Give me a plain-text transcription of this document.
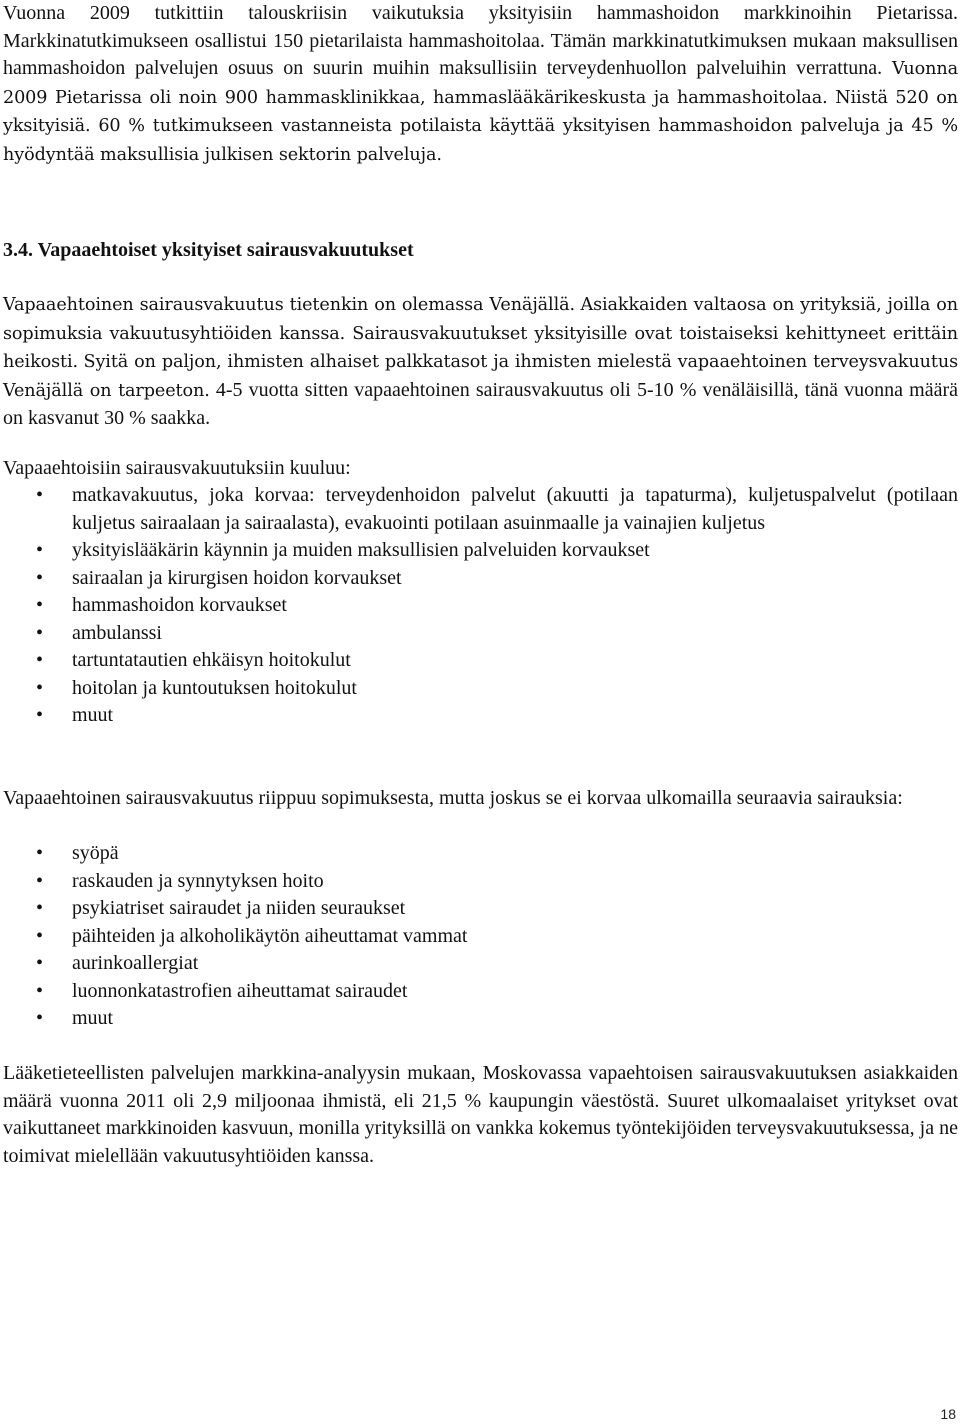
Vuonna 2009 tutkittiin talouskriisin vaikutuksia yksityisiin hammashoidon markkinoihin Pietarissa. Markkinatutkimukseen osallistui 150 pietarilaista hammashoitolaa. Tämän markkinatutkimuksen mukaan maksullisen hammashoidon palvelujen osuus on suurin muihin maksullisiin terveydenhuollon palveluihin verrattuna. Vuonna 2009 Pietarissa oli noin 900 hammasklinikkaa, hammaslääkärikeskusta ja hammashoitolaa. Niistä 520 on yksityisiä. 60 % tutkimukseen vastanneista potilaista käyttää yksityisen hammashoidon palveluja ja 45 % hyödyntää maksullisia julkisen sektorin palveluja.

3.4. Vapaaehtoiset yksityiset sairausvakuutukset

Vapaaehtoinen sairausvakuutus tietenkin on olemassa Venäjällä. Asiakkaiden valtaosa on yrityksiä, joilla on sopimuksia vakuutusyhtiöiden kanssa. Sairausvakuutukset yksityisille ovat toistaiseksi kehittyneet erittäin heikosti. Syitä on paljon, ihmisten alhaiset palkkatasot ja ihmisten mielestä vapaaehtoinen terveysvakuutus Venäjällä on tarpeeton. 4-5 vuotta sitten vapaaehtoinen sairausvakuutus oli 5-10 % venäläisillä, tänä vuonna määrä on kasvanut 30 % saakka.

Vapaaehtoisiin sairausvakuutuksiin kuuluu:

• matkavakuutus, joka korvaa: terveydenhoidon palvelut (akuutti ja tapaturma), kuljetuspalvelut (potilaan kuljetus sairaalaan ja sairaalasta), evakuointi potilaan asuinmaalle ja vainajien kuljetus
• yksityislääkärin käynnin ja muiden maksullisien palveluiden korvaukset
• sairaalan ja kirurgisen hoidon korvaukset
• hammashoidon korvaukset
• ambulanssi
• tartuntatautien ehkäisyn hoitokulut
• hoitolan ja kuntoutuksen hoitokulut
• muut

Vapaaehtoinen sairausvakuutus riippuu sopimuksesta, mutta joskus se ei korvaa ulkomailla seuraavia sairauksia:

• syöpä
• raskauden ja synnytyksen hoito
• psykiatriset sairaudet ja niiden seuraukset
• päihteiden ja alkoholikäytön aiheuttamat vammat
• aurinkoallergiat
• luonnonkatastrofien aiheuttamat sairaudet
• muut

Lääketieteellisten palvelujen markkina-analyysin mukaan, Moskovassa vapaehtoisen sairausvakuutuksen asiakkaiden määrä vuonna 2011 oli 2,9 miljoonaa ihmistä, eli 21,5 % kaupungin väestöstä. Suuret ulkomaalaiset yritykset ovat vaikuttaneet markkinoiden kasvuun, monilla yrityksillä on vankka kokemus työntekijöiden terveysvakuutuksessa, ja ne toimivat mielellään vakuutusyhtiöiden kanssa.

18
